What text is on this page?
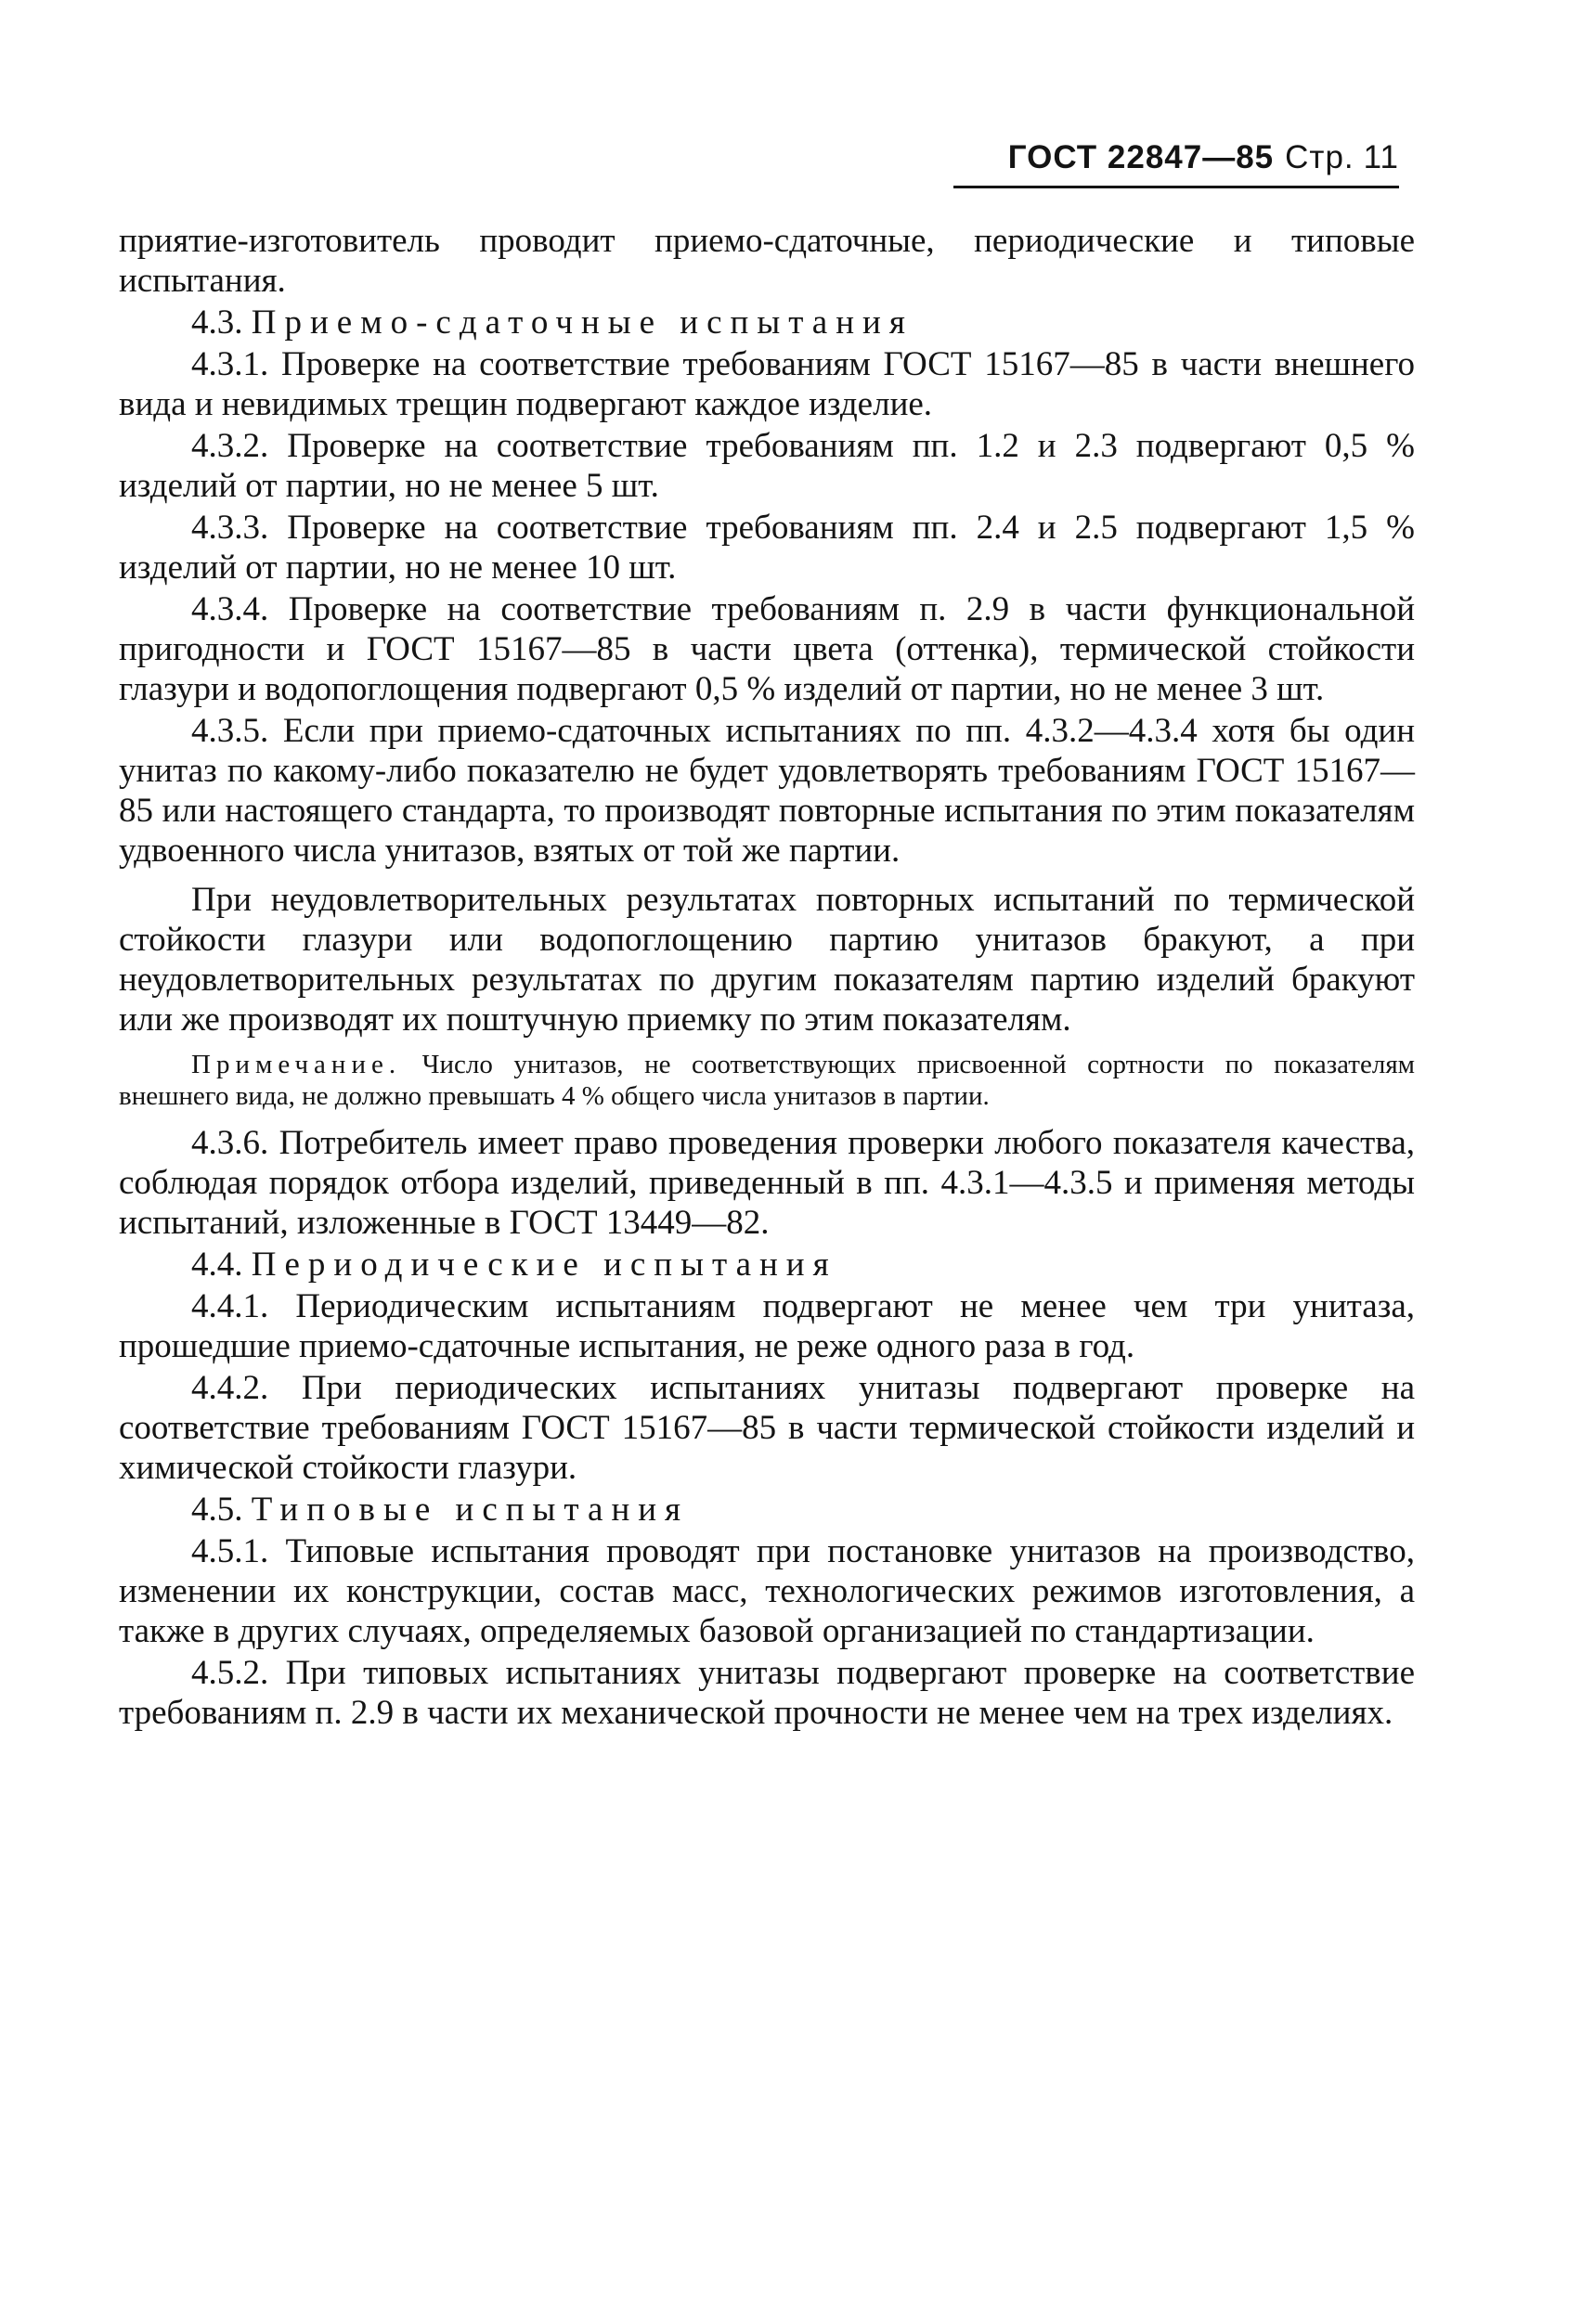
ГОСТ 22847—85 Стр. 11

приятие-изготовитель проводит приемо-сдаточные, периодические и типовые испытания.

4.3. Приемо-сдаточные испытания

4.3.1. Проверке на соответствие требованиям ГОСТ 15167—85 в части внешнего вида и невидимых трещин подвергают каждое изделие.

4.3.2. Проверке на соответствие требованиям пп. 1.2 и 2.3 подвергают 0,5 % изделий от партии, но не менее 5 шт.

4.3.3. Проверке на соответствие требованиям пп. 2.4 и 2.5 подвергают 1,5 % изделий от партии, но не менее 10 шт.

4.3.4. Проверке на соответствие требованиям п. 2.9 в части функциональной пригодности и ГОСТ 15167—85 в части цвета (оттенка), термической стойкости глазури и водопоглощения подвергают 0,5 % изделий от партии, но не менее 3 шт.

4.3.5. Если при приемо-сдаточных испытаниях по пп. 4.3.2—4.3.4 хотя бы один унитаз по какому-либо показателю не будет удовлетворять требованиям ГОСТ 15167—85 или настоящего стандарта, то производят повторные испытания по этим показателям удвоенного числа унитазов, взятых от той же партии.

При неудовлетворительных результатах повторных испытаний по термической стойкости глазури или водопоглощению партию унитазов бракуют, а при неудовлетворительных результатах по другим показателям партию изделий бракуют или же производят их поштучную приемку по этим показателям.

Примечание. Число унитазов, не соответствующих присвоенной сортности по показателям внешнего вида, не должно превышать 4 % общего числа унитазов в партии.

4.3.6. Потребитель имеет право проведения проверки любого показателя качества, соблюдая порядок отбора изделий, приведенный в пп. 4.3.1—4.3.5 и применяя методы испытаний, изложенные в ГОСТ 13449—82.

4.4. Периодические испытания

4.4.1. Периодическим испытаниям подвергают не менее чем три унитаза, прошедшие приемо-сдаточные испытания, не реже одного раза в год.

4.4.2. При периодических испытаниях унитазы подвергают проверке на соответствие требованиям ГОСТ 15167—85 в части термической стойкости изделий и химической стойкости глазури.

4.5. Типовые испытания

4.5.1. Типовые испытания проводят при постановке унитазов на производство, изменении их конструкции, состав масс, технологических режимов изготовления, а также в других случаях, определяемых базовой организацией по стандартизации.

4.5.2. При типовых испытаниях унитазы подвергают проверке на соответствие требованиям п. 2.9 в части их механической прочности не менее чем на трех изделиях.
